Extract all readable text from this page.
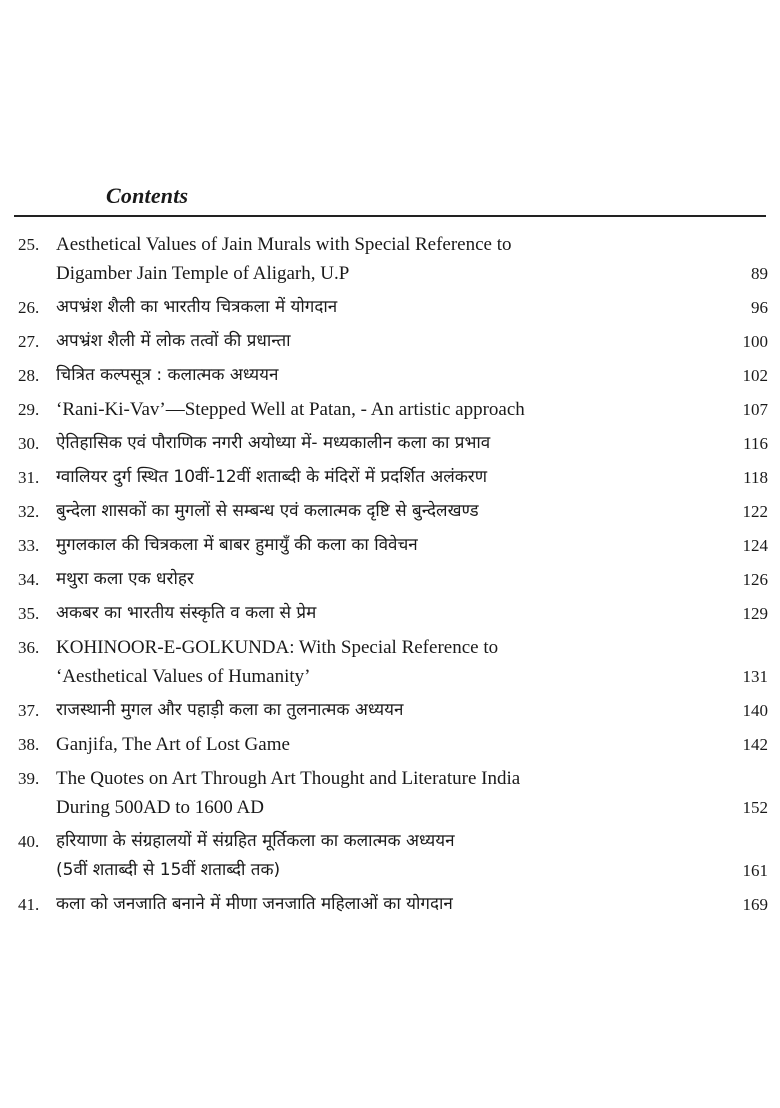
Contents
25. Aesthetical Values of Jain Murals with Special Reference to
Digamber Jain Temple of Aligarh, U.P	89
26. अपभ्रंश शैली का भारतीय चित्रकला में योगदान	96
27. अपभ्रंश शैली में लोक तत्वों की प्रधान्ता	100
28. चित्रित कल्पसूत्र : कलात्मक अध्ययन	102
29. ‘Rani-Ki-Vav’—Stepped Well at Patan, - An artistic approach	107
30. ऐतिहासिक एवं पौराणिक नगरी अयोध्या में- मध्यकालीन कला का प्रभाव	116
31. ग्वालियर दुर्ग स्थित 10वीं-12वीं शताब्दी के मंदिरों में प्रदर्शित अलंकरण	118
32. बुन्देला शासकों का मुगलों से सम्बन्ध एवं कलात्मक दृष्टि से बुन्देलखण्ड	122
33. मुगलकाल की चित्रकला में बाबर हुमायुँ की कला का विवेचन	124
34. मथुरा कला एक धरोहर	126
35. अकबर का भारतीय संस्कृति व कला से प्रेम	129
36. KOHINOOR-E-GOLKUNDA: With Special Reference to
‘Aesthetical Values of Humanity’	131
37. राजस्थानी मुगल और पहाड़ी कला का तुलनात्मक अध्ययन	140
38. Ganjifa, The Art of Lost Game	142
39. The Quotes on Art Through Art Thought and Literature India
During 500AD to 1600 AD	152
40. हरियाणा के संग्रहालयों में संग्रहित मूर्तिकला का कलात्मक अध्ययन
(5वीं शताब्दी से 15वीं शताब्दी तक)	161
41. कला को जनजाति बनाने में मीणा जनजाति महिलाओं का योगदान	169
